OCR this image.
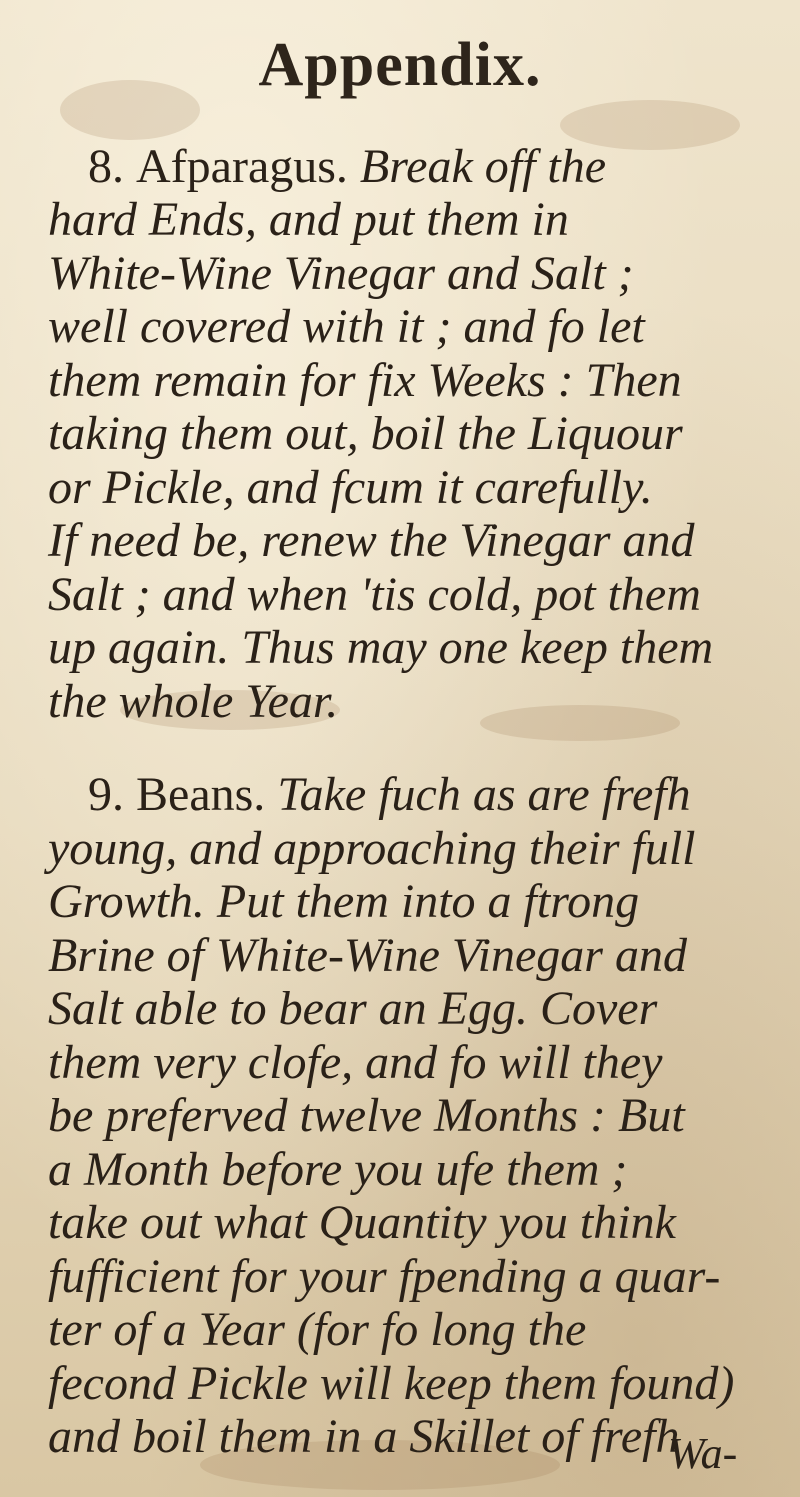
Appendix.
8. Afparagus. Break off the
hard Ends, and put them in
White-Wine Vinegar and Salt ;
well covered with it ; and fo let
them remain for fix Weeks : Then
taking them out, boil the Liquour
or Pickle, and fcum it carefully.
If need be, renew the Vinegar and
Salt ; and when 'tis cold, pot them
up again. Thus may one keep them
the whole Year.
9. Beans. Take fuch as are frefh
young, and approaching their full
Growth. Put them into a ftrong
Brine of White-Wine Vinegar and
Salt able to bear an Egg. Cover
them very clofe, and fo will they
be preferved twelve Months : But
a Month before you ufe them ;
take out what Quantity you think
fufficient for your fpending a quar-
ter of a Year (for fo long the
fecond Pickle will keep them found)
and boil them in a Skillet of frefh
Wa-
